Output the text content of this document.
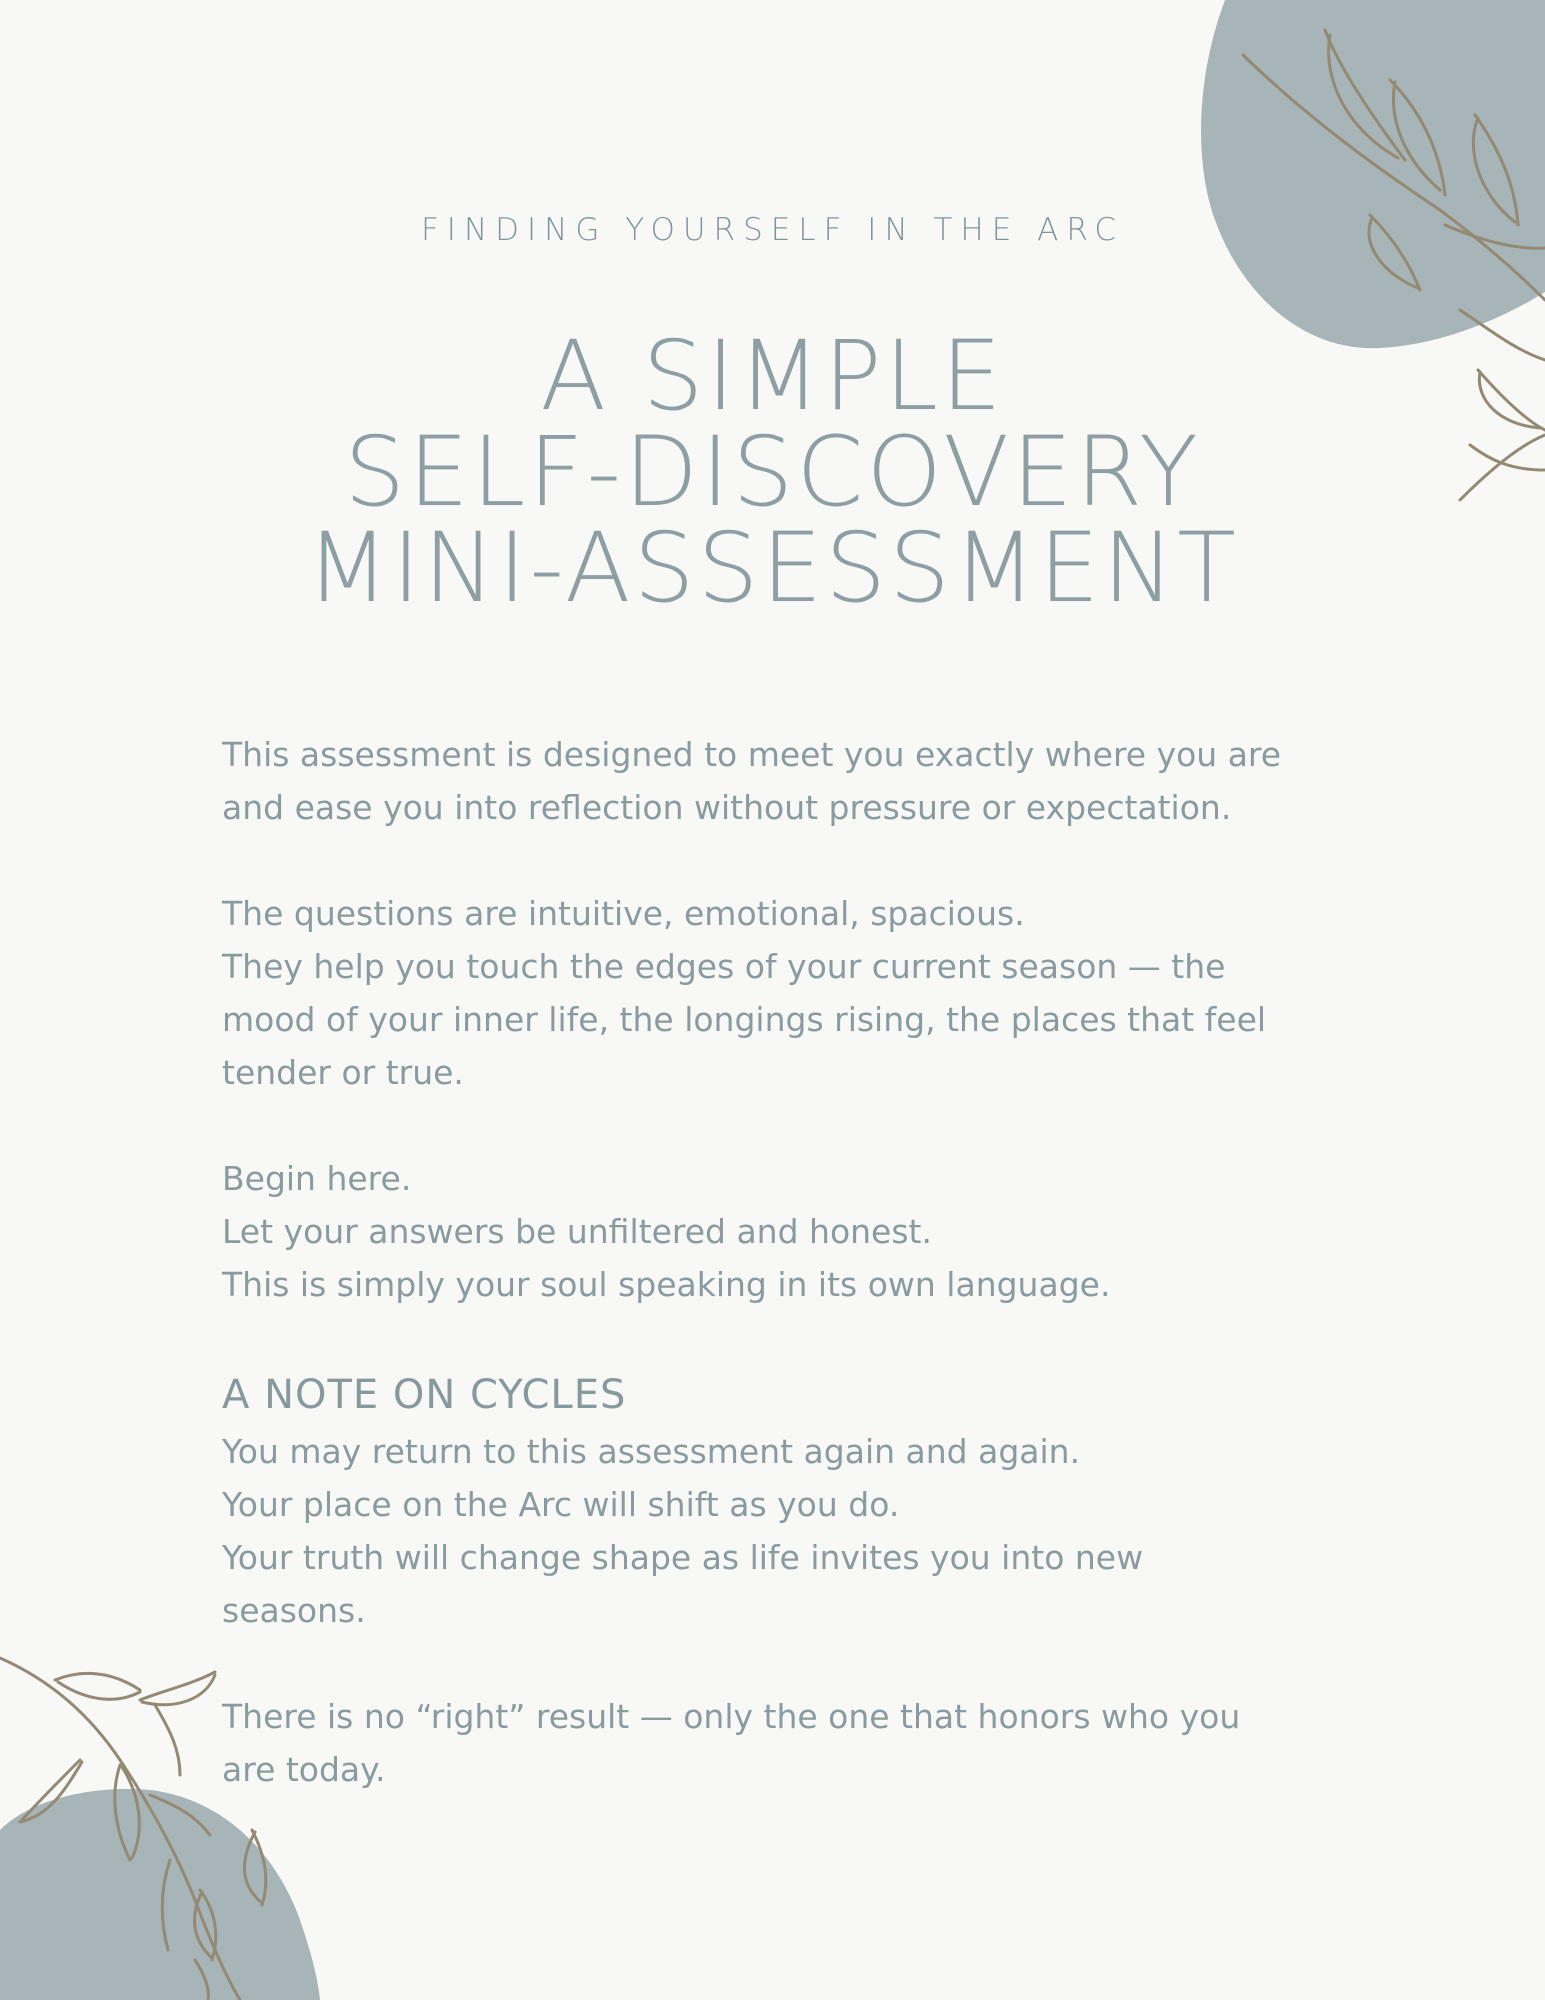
FINDING YOURSELF IN THE ARC
A SIMPLE
SELF-DISCOVERY
MINI-ASSESSMENT

This assessment is designed to meet you exactly where you are

and ease you into reflection without pressure or expectation.

The questions are intuitive, emotional, spacious.

They help you touch the edges of your current season — the

mood of your inner life, the longings rising, the places that feel

tender or true.

Begin here.

Let your answers be unfiltered and honest.

This is simply your soul speaking in its own language.

A NOTE ON CYCLES

You may return to this assessment again and again.

Your place on the Arc will shift as you do.

Your truth will change shape as life invites you into new

seasons.

There is no “right” result — only the one that honors who you

are today.
